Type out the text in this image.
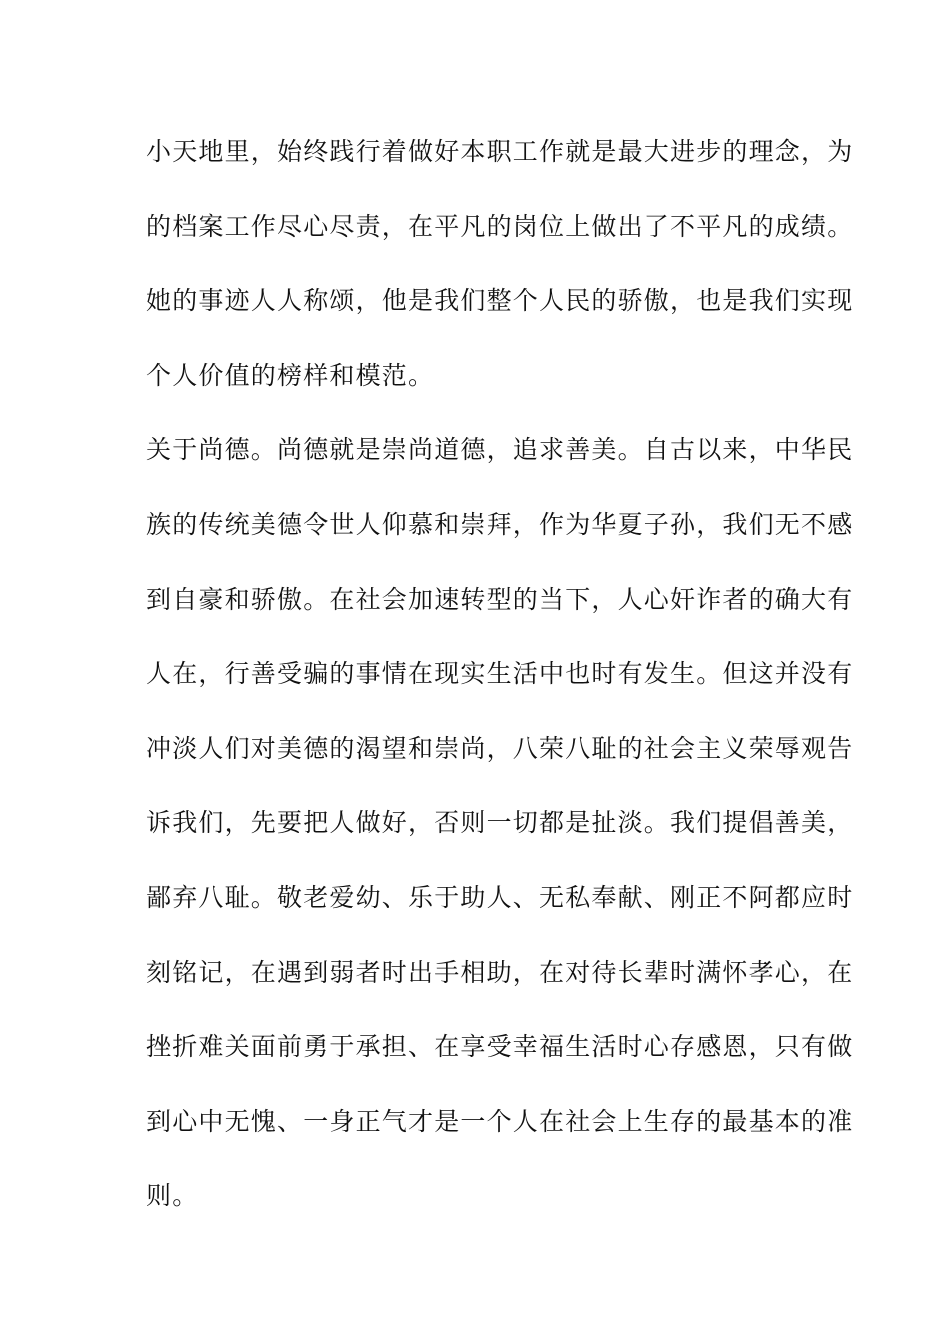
小天地里，始终践行着做好本职工作就是最大进步的理念，为
的档案工作尽心尽责，在平凡的岗位上做出了不平凡的成绩。
她的事迹人人称颂，他是我们整个人民的骄傲，也是我们实现
个人价值的榜样和模范。
关于尚德。尚德就是崇尚道德，追求善美。自古以来，中华民
族的传统美德令世人仰慕和崇拜，作为华夏子孙，我们无不感
到自豪和骄傲。在社会加速转型的当下，人心奸诈者的确大有
人在，行善受骗的事情在现实生活中也时有发生。但这并没有
冲淡人们对美德的渴望和崇尚，八荣八耻的社会主义荣辱观告
诉我们，先要把人做好，否则一切都是扯淡。我们提倡善美，
鄙弃八耻。敬老爱幼、乐于助人、无私奉献、刚正不阿都应时
刻铭记，在遇到弱者时出手相助，在对待长辈时满怀孝心，在
挫折难关面前勇于承担、在享受幸福生活时心存感恩，只有做
到心中无愧、一身正气才是一个人在社会上生存的最基本的准
则。
